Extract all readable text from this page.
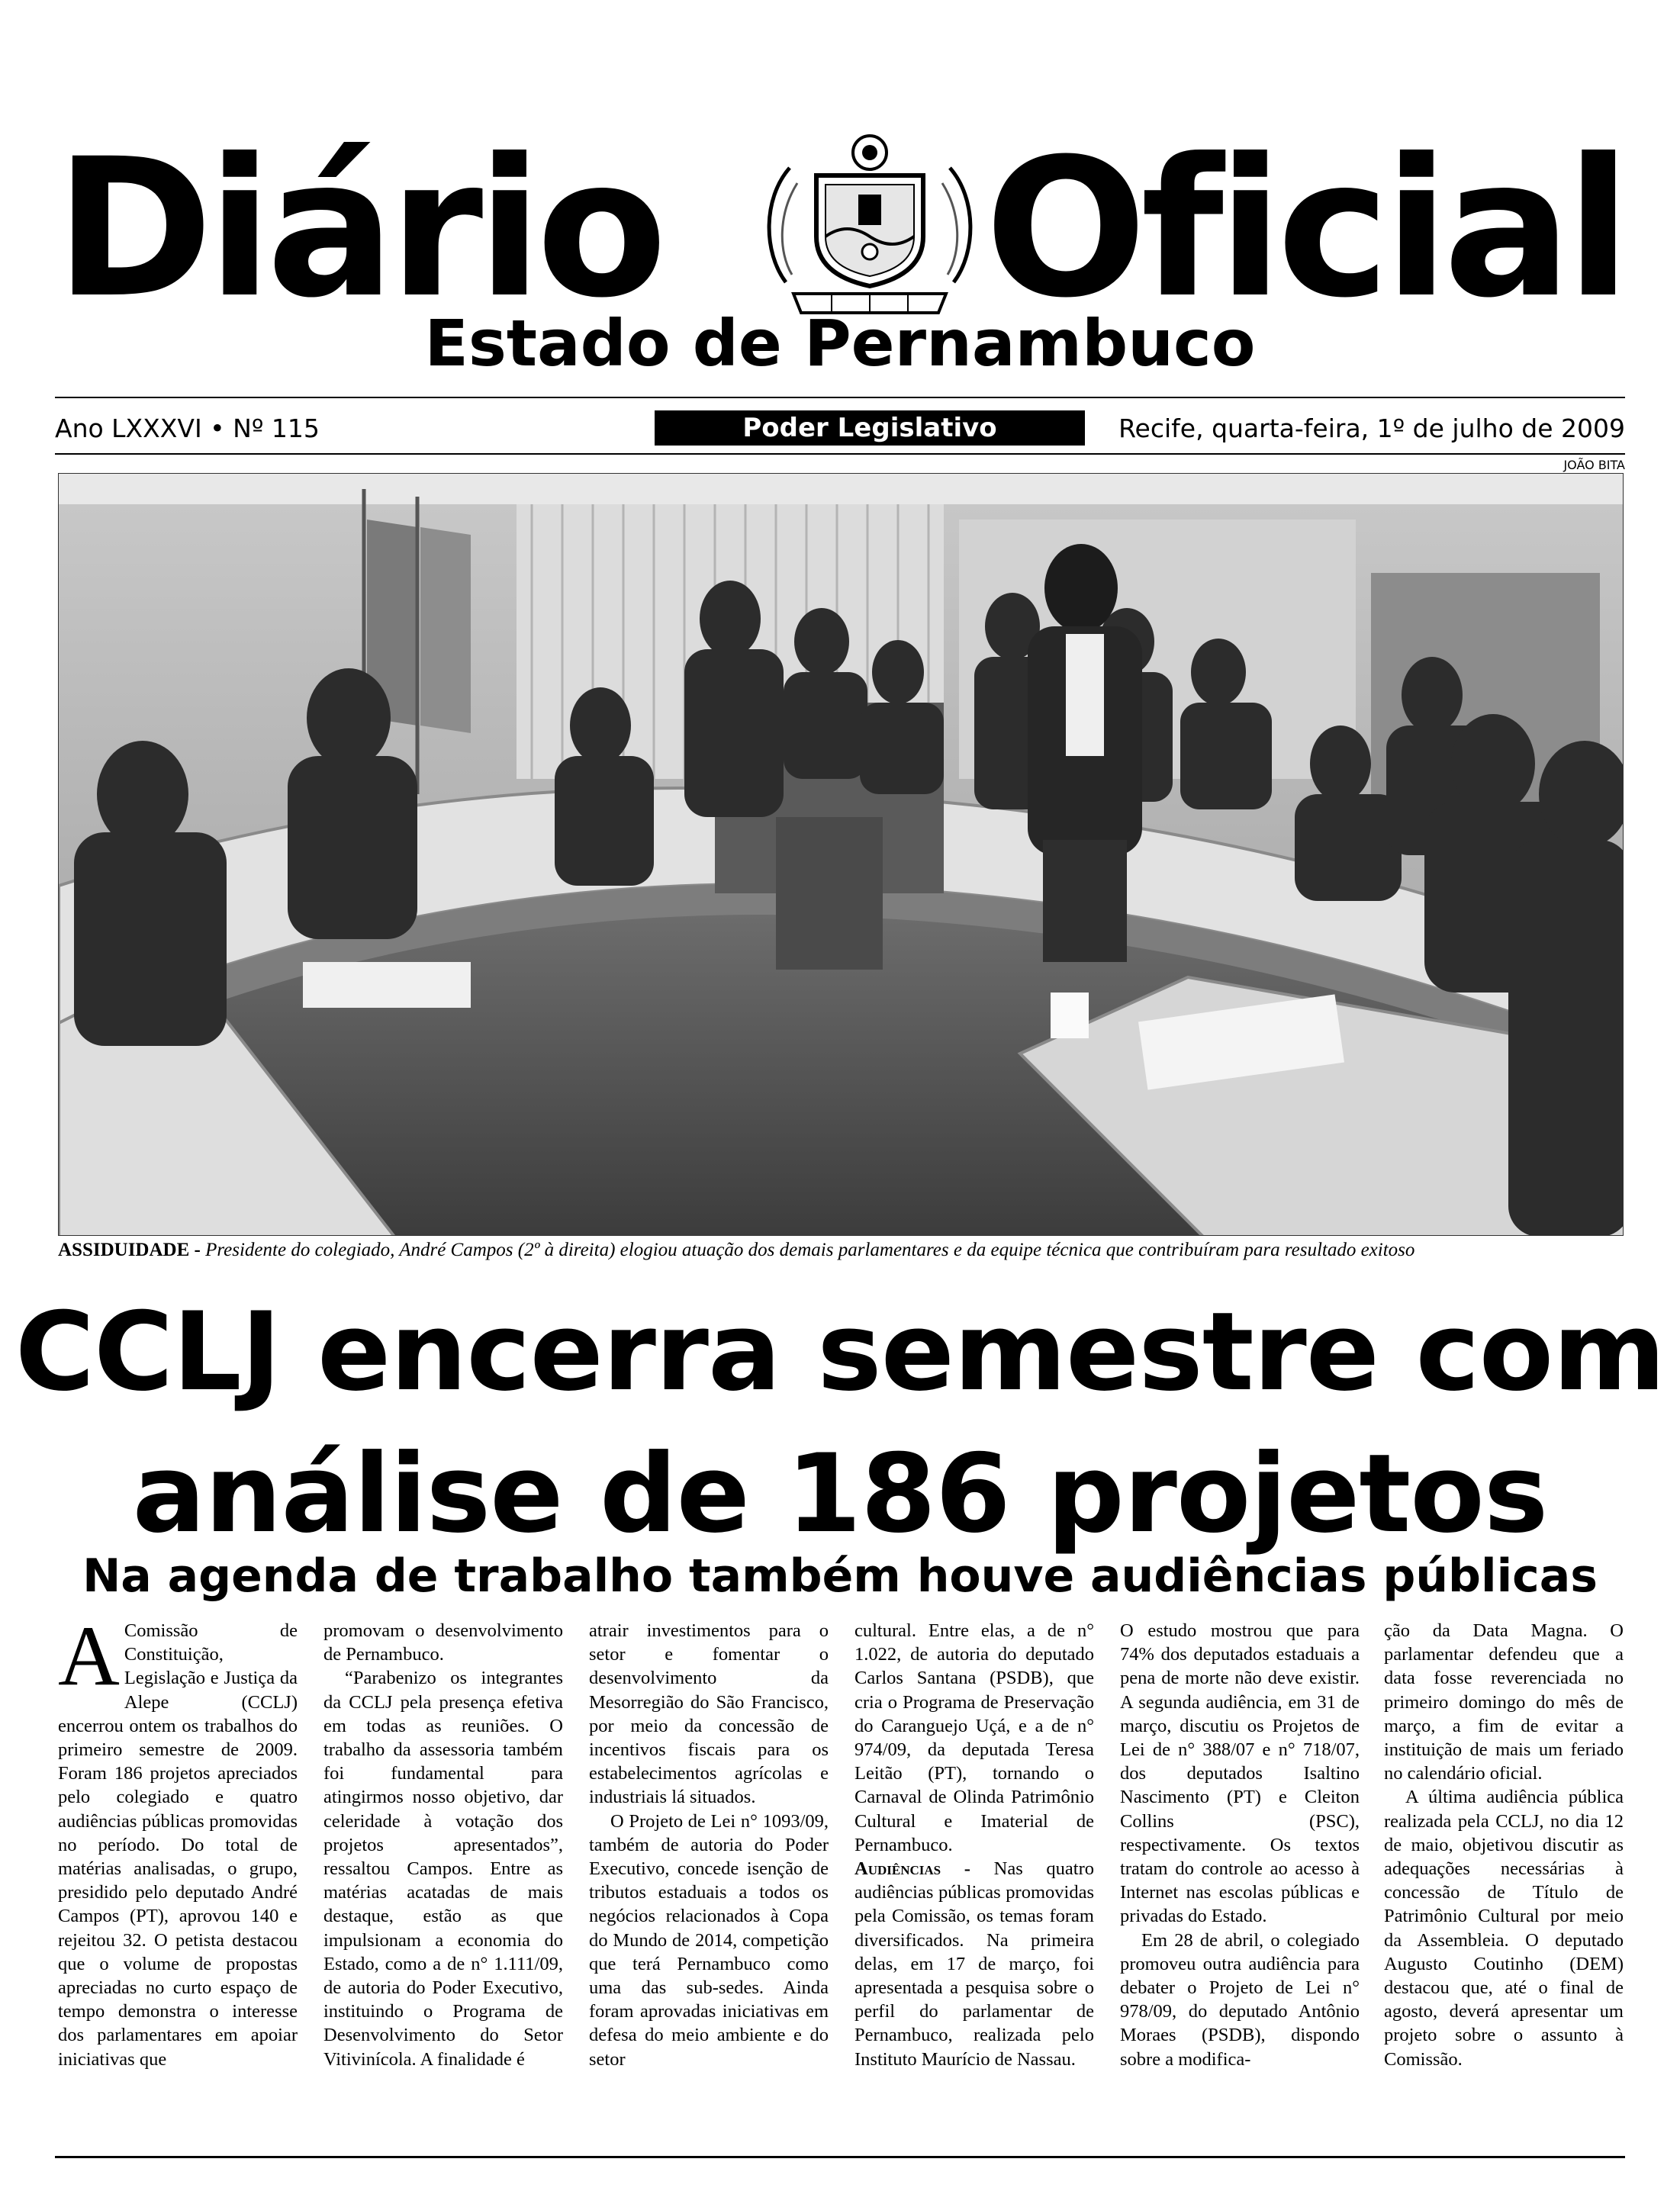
Diário Oficial
Estado de Pernambuco
Ano LXXXVI • Nº 115	Poder Legislativo	Recife, quarta-feira, 1º de julho de 2009
JOÃO BITA
ASSIDUIDADE - Presidente do colegiado, André Campos (2º à direita) elogiou atuação dos demais parlamentares e da equipe técnica que contribuíram para resultado exitoso
CCLJ encerra semestre com
análise de 186 projetos
Na agenda de trabalho também houve audiências públicas

A Comissão de Constituição, Legislação e Justiça da Alepe (CCLJ) encerrou ontem os trabalhos do primeiro semestre de 2009. Foram 186 projetos apreciados pelo colegiado e quatro audiências públicas promovidas no período. Do total de matérias analisadas, o grupo, presidido pelo deputado André Campos (PT), aprovou 140 e rejeitou 32. O petista destacou que o volume de propostas apreciadas no curto espaço de tempo demonstra o interesse dos parlamentares em apoiar iniciativas que

promovam o desenvolvimento de Pernambuco.

“Parabenizo os integrantes da CCLJ pela presença efetiva em todas as reuniões. O trabalho da assessoria também foi fundamental para atingirmos nosso objetivo, dar celeridade à votação dos projetos apresentados”, ressaltou Campos. Entre as matérias acatadas de mais destaque, estão as que impulsionam a economia do Estado, como a de n° 1.111/09, de autoria do Poder Executivo, instituindo o Programa de Desenvolvimento do Setor Vitivinícola. A finalidade é

atrair investimentos para o setor e fomentar o desenvolvimento da Mesorregião do São Francisco, por meio da concessão de incentivos fiscais para os estabelecimentos agrícolas e industriais lá situados.

O Projeto de Lei n° 1093/09, também de autoria do Poder Executivo, concede isenção de tributos estaduais a todos os negócios relacionados à Copa do Mundo de 2014, competição que terá Pernambuco como uma das sub-sedes. Ainda foram aprovadas iniciativas em defesa do meio ambiente e do setor

cultural. Entre elas, a de n° 1.022, de autoria do deputado Carlos Santana (PSDB), que cria o Programa de Preservação do Caranguejo Uçá, e a de n° 974/09, da deputada Teresa Leitão (PT), tornando o Carnaval de Olinda Patrimônio Cultural e Imaterial de Pernambuco.

Audiências - Nas quatro audiências públicas promovidas pela Comissão, os temas foram diversificados. Na primeira delas, em 17 de março, foi apresentada a pesquisa sobre o perfil do parlamentar de Pernambuco, realizada pelo Instituto Maurício de Nassau.

O estudo mostrou que para 74% dos deputados estaduais a pena de morte não deve existir. A segunda audiência, em 31 de março, discutiu os Projetos de Lei de n° 388/07 e n° 718/07, dos deputados Isaltino Nascimento (PT) e Cleiton Collins (PSC), respectivamente. Os textos tratam do controle ao acesso à Internet nas escolas públicas e privadas do Estado.

Em 28 de abril, o colegiado promoveu outra audiência para debater o Projeto de Lei n° 978/09, do deputado Antônio Moraes (PSDB), dispondo sobre a modifica-

ção da Data Magna. O parlamentar defendeu que a data fosse reverenciada no primeiro domingo do mês de março, a fim de evitar a instituição de mais um feriado no calendário oficial.

A última audiência pública realizada pela CCLJ, no dia 12 de maio, objetivou discutir as adequações necessárias à concessão de Título de Patrimônio Cultural por meio da Assembleia. O deputado Augusto Coutinho (DEM) destacou que, até o final de agosto, deverá apresentar um projeto sobre o assunto à Comissão.
